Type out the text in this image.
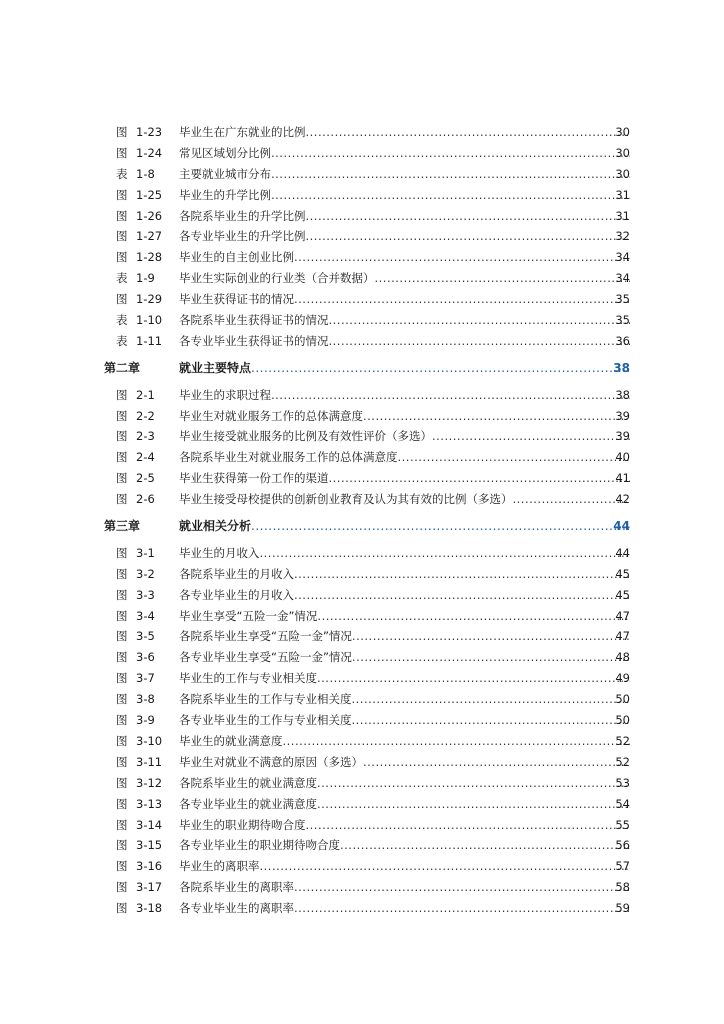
图 1-23 毕业生在广东就业的比例 .....	30
图 1-24 常见区域划分比例 .....	30
表 1-8 主要就业城市分布 .....	30
图 1-25 毕业生的升学比例 .....	31
图 1-26 各院系毕业生的升学比例 .....	31
图 1-27 各专业毕业生的升学比例 .....	32
图 1-28 毕业生的自主创业比例 .....	34
表 1-9 毕业生实际创业的行业类（合并数据） .....	34
图 1-29 毕业生获得证书的情况 .....	35
表 1-10 各院系毕业生获得证书的情况 .....	35
表 1-11 各专业毕业生获得证书的情况 .....	36
第二章	就业主要特点 .....	38
图 2-1 毕业生的求职过程 .....	38
图 2-2 毕业生对就业服务工作的总体满意度 .....	39
图 2-3 毕业生接受就业服务的比例及有效性评价（多选） .....	39
图 2-4 各院系毕业生对就业服务工作的总体满意度 .....	40
图 2-5 毕业生获得第一份工作的渠道 .....	41
图 2-6 毕业生接受母校提供的创新创业教育及认为其有效的比例（多选） .....	42
第三章	就业相关分析 .....	44
图 3-1 毕业生的月收入 .....	44
图 3-2 各院系毕业生的月收入 .....	45
图 3-3 各专业毕业生的月收入 .....	45
图 3-4 毕业生享受“五险一金”情况 .....	47
图 3-5 各院系毕业生享受“五险一金”情况 .....	47
图 3-6 各专业毕业生享受“五险一金”情况 .....	48
图 3-7 毕业生的工作与专业相关度 .....	49
图 3-8 各院系毕业生的工作与专业相关度 .....	50
图 3-9 各专业毕业生的工作与专业相关度 .....	50
图 3-10 毕业生的就业满意度 .....	52
图 3-11 毕业生对就业不满意的原因（多选） .....	52
图 3-12 各院系毕业生的就业满意度 .....	53
图 3-13 各专业毕业生的就业满意度 .....	54
图 3-14 毕业生的职业期待吻合度 .....	55
图 3-15 各专业毕业生的职业期待吻合度 .....	56
图 3-16 毕业生的离职率 .....	57
图 3-17 各院系毕业生的离职率 .....	58
图 3-18 各专业毕业生的离职率 .....	59
